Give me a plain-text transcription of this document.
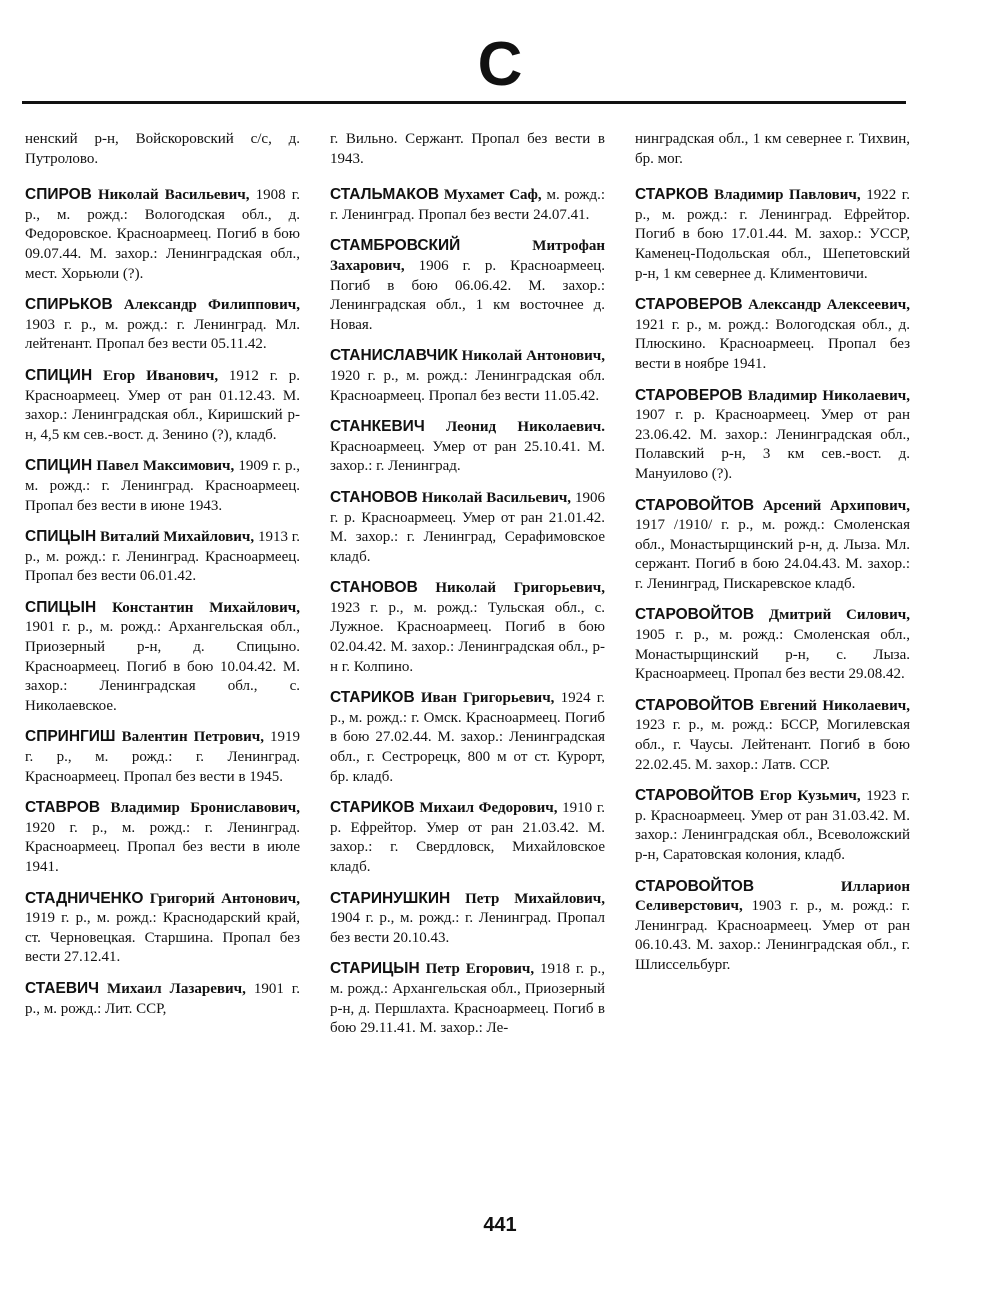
С

ненский р-н, Войскоровский с/с, д. Путролово.

СПИРОВ Николай Васильевич, 1908 г. р., м. рожд.: Вологодская обл., д. Федоровское. Красноармеец. Погиб в бою 09.07.44. М. захор.: Ленинградская обл., мест. Хорьюли (?).

СПИРЬКОВ Александр Филиппович, 1903 г. р., м. рожд.: г. Ленинград. Мл. лейтенант. Пропал без вести 05.11.42.

СПИЦИН Егор Иванович, 1912 г. р. Красноармеец. Умер от ран 01.12.43. М. захор.: Ленинградская обл., Киришский р-н, 4,5 км сев.-вост. д. Зенино (?), кладб.

СПИЦИН Павел Максимович, 1909 г. р., м. рожд.: г. Ленинград. Красноармеец. Пропал без вести в июне 1943.

СПИЦЫН Виталий Михайлович, 1913 г. р., м. рожд.: г. Ленинград. Красноармеец. Пропал без вести 06.01.42.

СПИЦЫН Константин Михайлович, 1901 г. р., м. рожд.: Архангельская обл., Приозерный р-н, д. Спицыно. Красноармеец. Погиб в бою 10.04.42. М. захор.: Ленинградская обл., с. Николаевское.

СПРИНГИШ Валентин Петрович, 1919 г. р., м. рожд.: г. Ленинград. Красноармеец. Пропал без вести в 1945.

СТАВРОВ Владимир Брониславович, 1920 г. р., м. рожд.: г. Ленинград. Красноармеец. Пропал без вести в июле 1941.

СТАДНИЧЕНКО Григорий Антонович, 1919 г. р., м. рожд.: Краснодарский край, ст. Черновецкая. Старшина. Пропал без вести 27.12.41.

СТАЕВИЧ Михаил Лазаревич, 1901 г. р., м. рожд.: Лит. ССР,

г. Вильно. Сержант. Пропал без вести в 1943.

СТАЛЬМАКОВ Мухамет Саф, м. рожд.: г. Ленинград. Пропал без вести 24.07.41.

СТАМБРОВСКИЙ	Митрофан Захарович, 1906 г. р. Красноармеец. Погиб в бою 06.06.42. М. захор.: Ленинградская обл., 1 км восточнее д. Новая.

СТАНИСЛАВЧИК Николай Антонович, 1920 г. р., м. рожд.: Ленинградская обл. Красноармеец. Пропал без вести 11.05.42.

СТАНКЕВИЧ Леонид Николаевич. Красноармеец. Умер от ран 25.10.41. М. захор.: г. Ленинград.

СТАНОВОВ Николай Васильевич, 1906 г. р. Красноармеец. Умер от ран 21.01.42. М. захор.: г. Ленинград, Серафимовское кладб.

СТАНОВОВ Николай Григорьевич, 1923 г. р., м. рожд.: Тульская обл., с. Лужное. Красноармеец. Погиб в бою 02.04.42. М. захор.: Ленинградская обл., р-н г. Колпино.

СТАРИКОВ Иван Григорьевич, 1924 г. р., м. рожд.: г. Омск. Красноармеец. Погиб в бою 27.02.44. М. захор.: Ленинградская обл., г. Сестрорецк, 800 м от ст. Курорт, бр. кладб.

СТАРИКОВ Михаил Федорович, 1910 г. р. Ефрейтор. Умер от ран 21.03.42. М. захор.: г. Свердловск, Михайловское кладб.

СТАРИНУШКИН Петр Михайлович, 1904 г. р., м. рожд.: г. Ленинград. Пропал без вести 20.10.43.

СТАРИЦЫН Петр Егорович, 1918 г. р., м. рожд.: Архангельская обл., Приозерный р-н, д. Першлахта. Красноармеец. Погиб в бою 29.11.41. М. захор.: Ле-

нинградская обл., 1 км севернее г. Тихвин, бр. мог.

СТАРКОВ Владимир Павлович, 1922 г. р., м. рожд.: г. Ленинград. Ефрейтор. Погиб в бою 17.01.44. М. захор.: УССР, Каменец-Подольская обл., Шепетовский р-н, 1 км севернее д. Климентовичи.

СТАРОВЕРОВ Александр Алексеевич, 1921 г. р., м. рожд.: Вологодская обл., д. Плюскино. Красноармеец. Пропал без вести в ноябре 1941.

СТАРОВЕРОВ Владимир Николаевич, 1907 г. р. Красноармеец. Умер от ран 23.06.42. М. захор.: Ленинградская обл., Полавский р-н, 3 км сев.-вост. д. Мануилово (?).

СТАРОВОЙТОВ Арсений Архипович, 1917 /1910/ г. р., м. рожд.: Смоленская обл., Монастырщинский р-н, д. Лыза. Мл. сержант. Погиб в бою 24.04.43. М. захор.: г. Ленинград, Пискаревское кладб.

СТАРОВОЙТОВ Дмитрий Силович, 1905 г. р., м. рожд.: Смоленская обл., Монастырщинский р-н, с. Лыза. Красноармеец. Пропал без вести 29.08.42.

СТАРОВОЙТОВ Евгений Николаевич, 1923 г. р., м. рожд.: БССР, Могилевская обл., г. Чаусы. Лейтенант. Погиб в бою 22.02.45. М. захор.: Латв. ССР.

СТАРОВОЙТОВ Егор Кузьмич, 1923 г. р. Красноармеец. Умер от ран 31.03.42. М. захор.: Ленинградская обл., Всеволожский р-н, Саратовская колония, кладб.

СТАРОВОЙТОВ	Илларион Селиверстович, 1903 г. р., м. рожд.: г. Ленинград. Красноармеец. Умер от ран 06.10.43. М. захор.: Ленинградская обл., г. Шлиссельбург.

441
